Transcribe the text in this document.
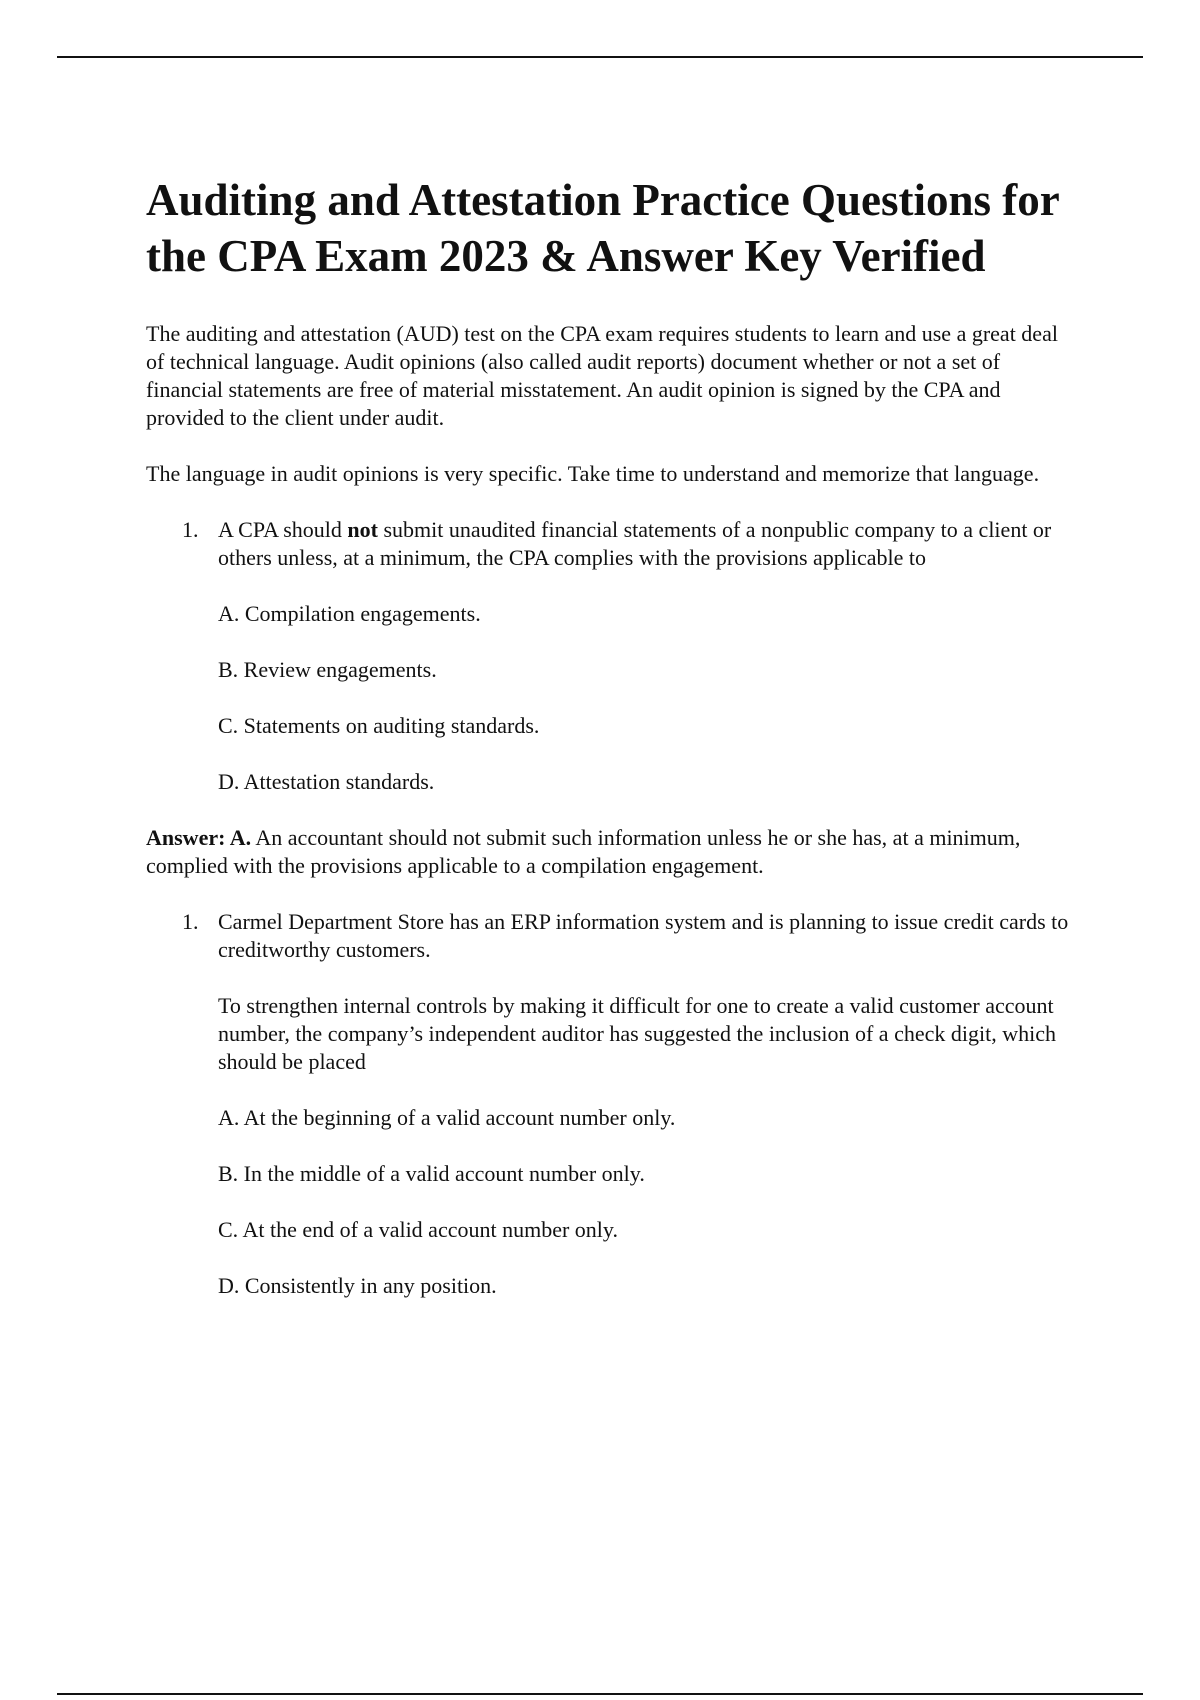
Auditing and Attestation Practice Questions for the CPA Exam 2023 & Answer Key Verified

The auditing and attestation (AUD) test on the CPA exam requires students to learn and use a great deal of technical language. Audit opinions (also called audit reports) document whether or not a set of financial statements are free of material misstatement. An audit opinion is signed by the CPA and provided to the client under audit.

The language in audit opinions is very specific. Take time to understand and memorize that language.

1. A CPA should not submit unaudited financial statements of a nonpublic company to a client or others unless, at a minimum, the CPA complies with the provisions applicable to

A. Compilation engagements.
B. Review engagements.
C. Statements on auditing standards.
D. Attestation standards.

Answer: A. An accountant should not submit such information unless he or she has, at a minimum, complied with the provisions applicable to a compilation engagement.

1. Carmel Department Store has an ERP information system and is planning to issue credit cards to creditworthy customers.

To strengthen internal controls by making it difficult for one to create a valid customer account number, the company’s independent auditor has suggested the inclusion of a check digit, which should be placed

A. At the beginning of a valid account number only.
B. In the middle of a valid account number only.
C. At the end of a valid account number only.
D. Consistently in any position.
